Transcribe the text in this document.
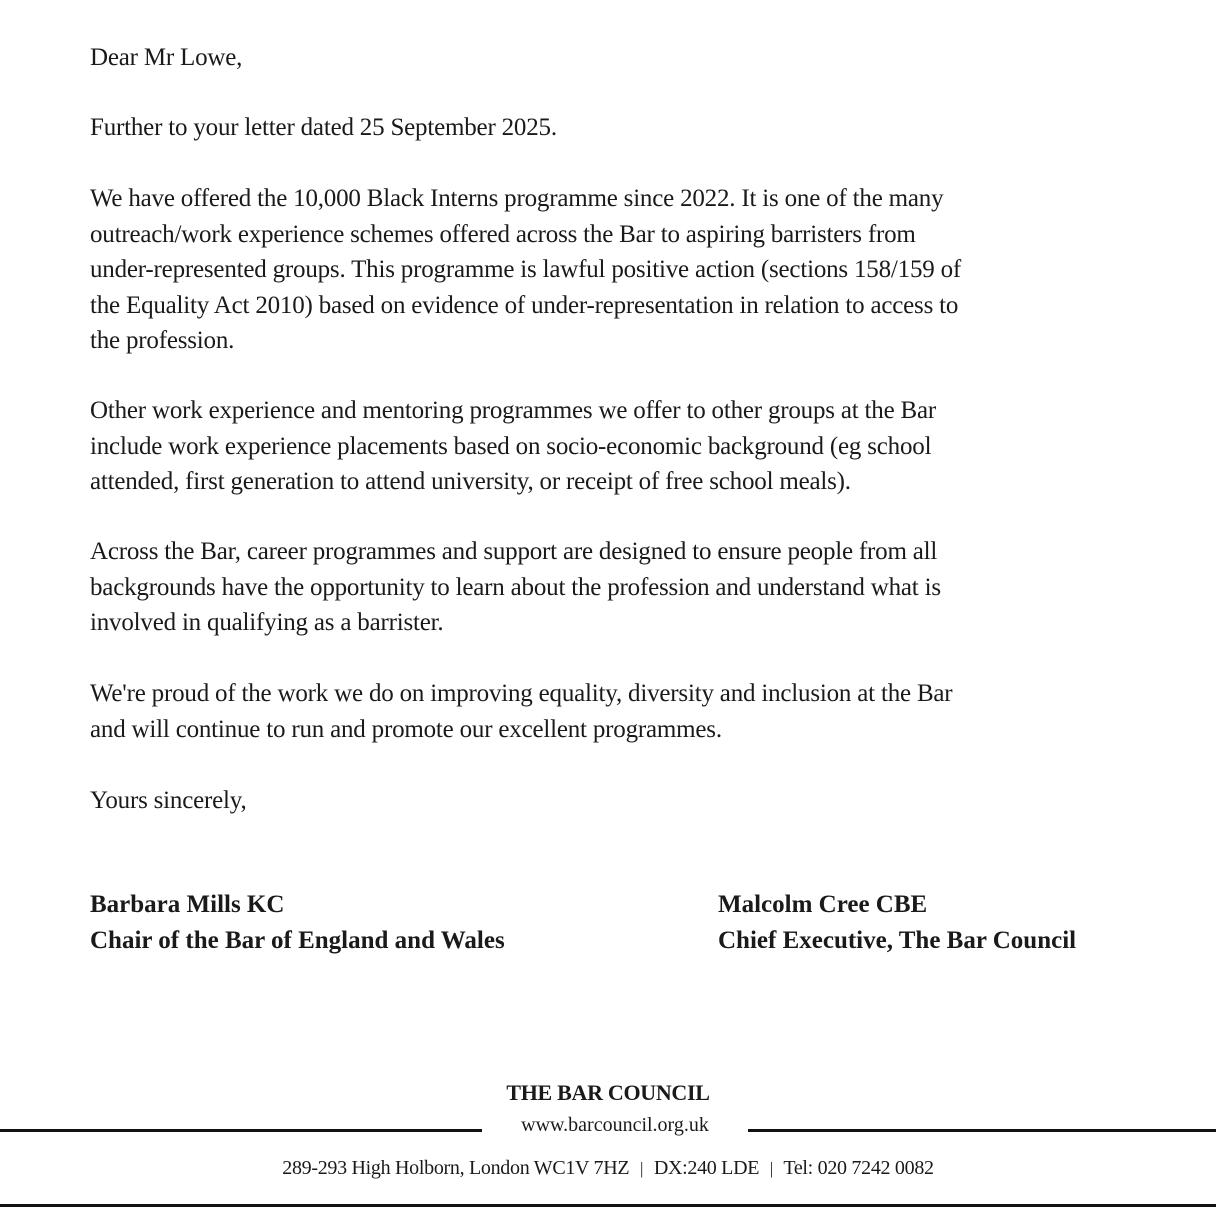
Dear Mr Lowe,
Further to your letter dated 25 September 2025.
We have offered the 10,000 Black Interns programme since 2022. It is one of the many
outreach/work experience schemes offered across the Bar to aspiring barristers from
under-represented groups. This programme is lawful positive action (sections 158/159 of
the Equality Act 2010) based on evidence of under-representation in relation to access to
the profession.
Other work experience and mentoring programmes we offer to other groups at the Bar
include work experience placements based on socio-economic background (eg school
attended, first generation to attend university, or receipt of free school meals).
Across the Bar, career programmes and support are designed to ensure people from all
backgrounds have the opportunity to learn about the profession and understand what is
involved in qualifying as a barrister.
We're proud of the work we do on improving equality, diversity and inclusion at the Bar
and will continue to run and promote our excellent programmes.
Yours sincerely,
Barbara Mills KC
Chair of the Bar of England and Wales
Malcolm Cree CBE
Chief Executive, The Bar Council
THE BAR COUNCIL
www.barcouncil.org.uk
289-293 High Holborn, London WC1V 7HZ | DX:240 LDE | Tel: 020 7242 0082
